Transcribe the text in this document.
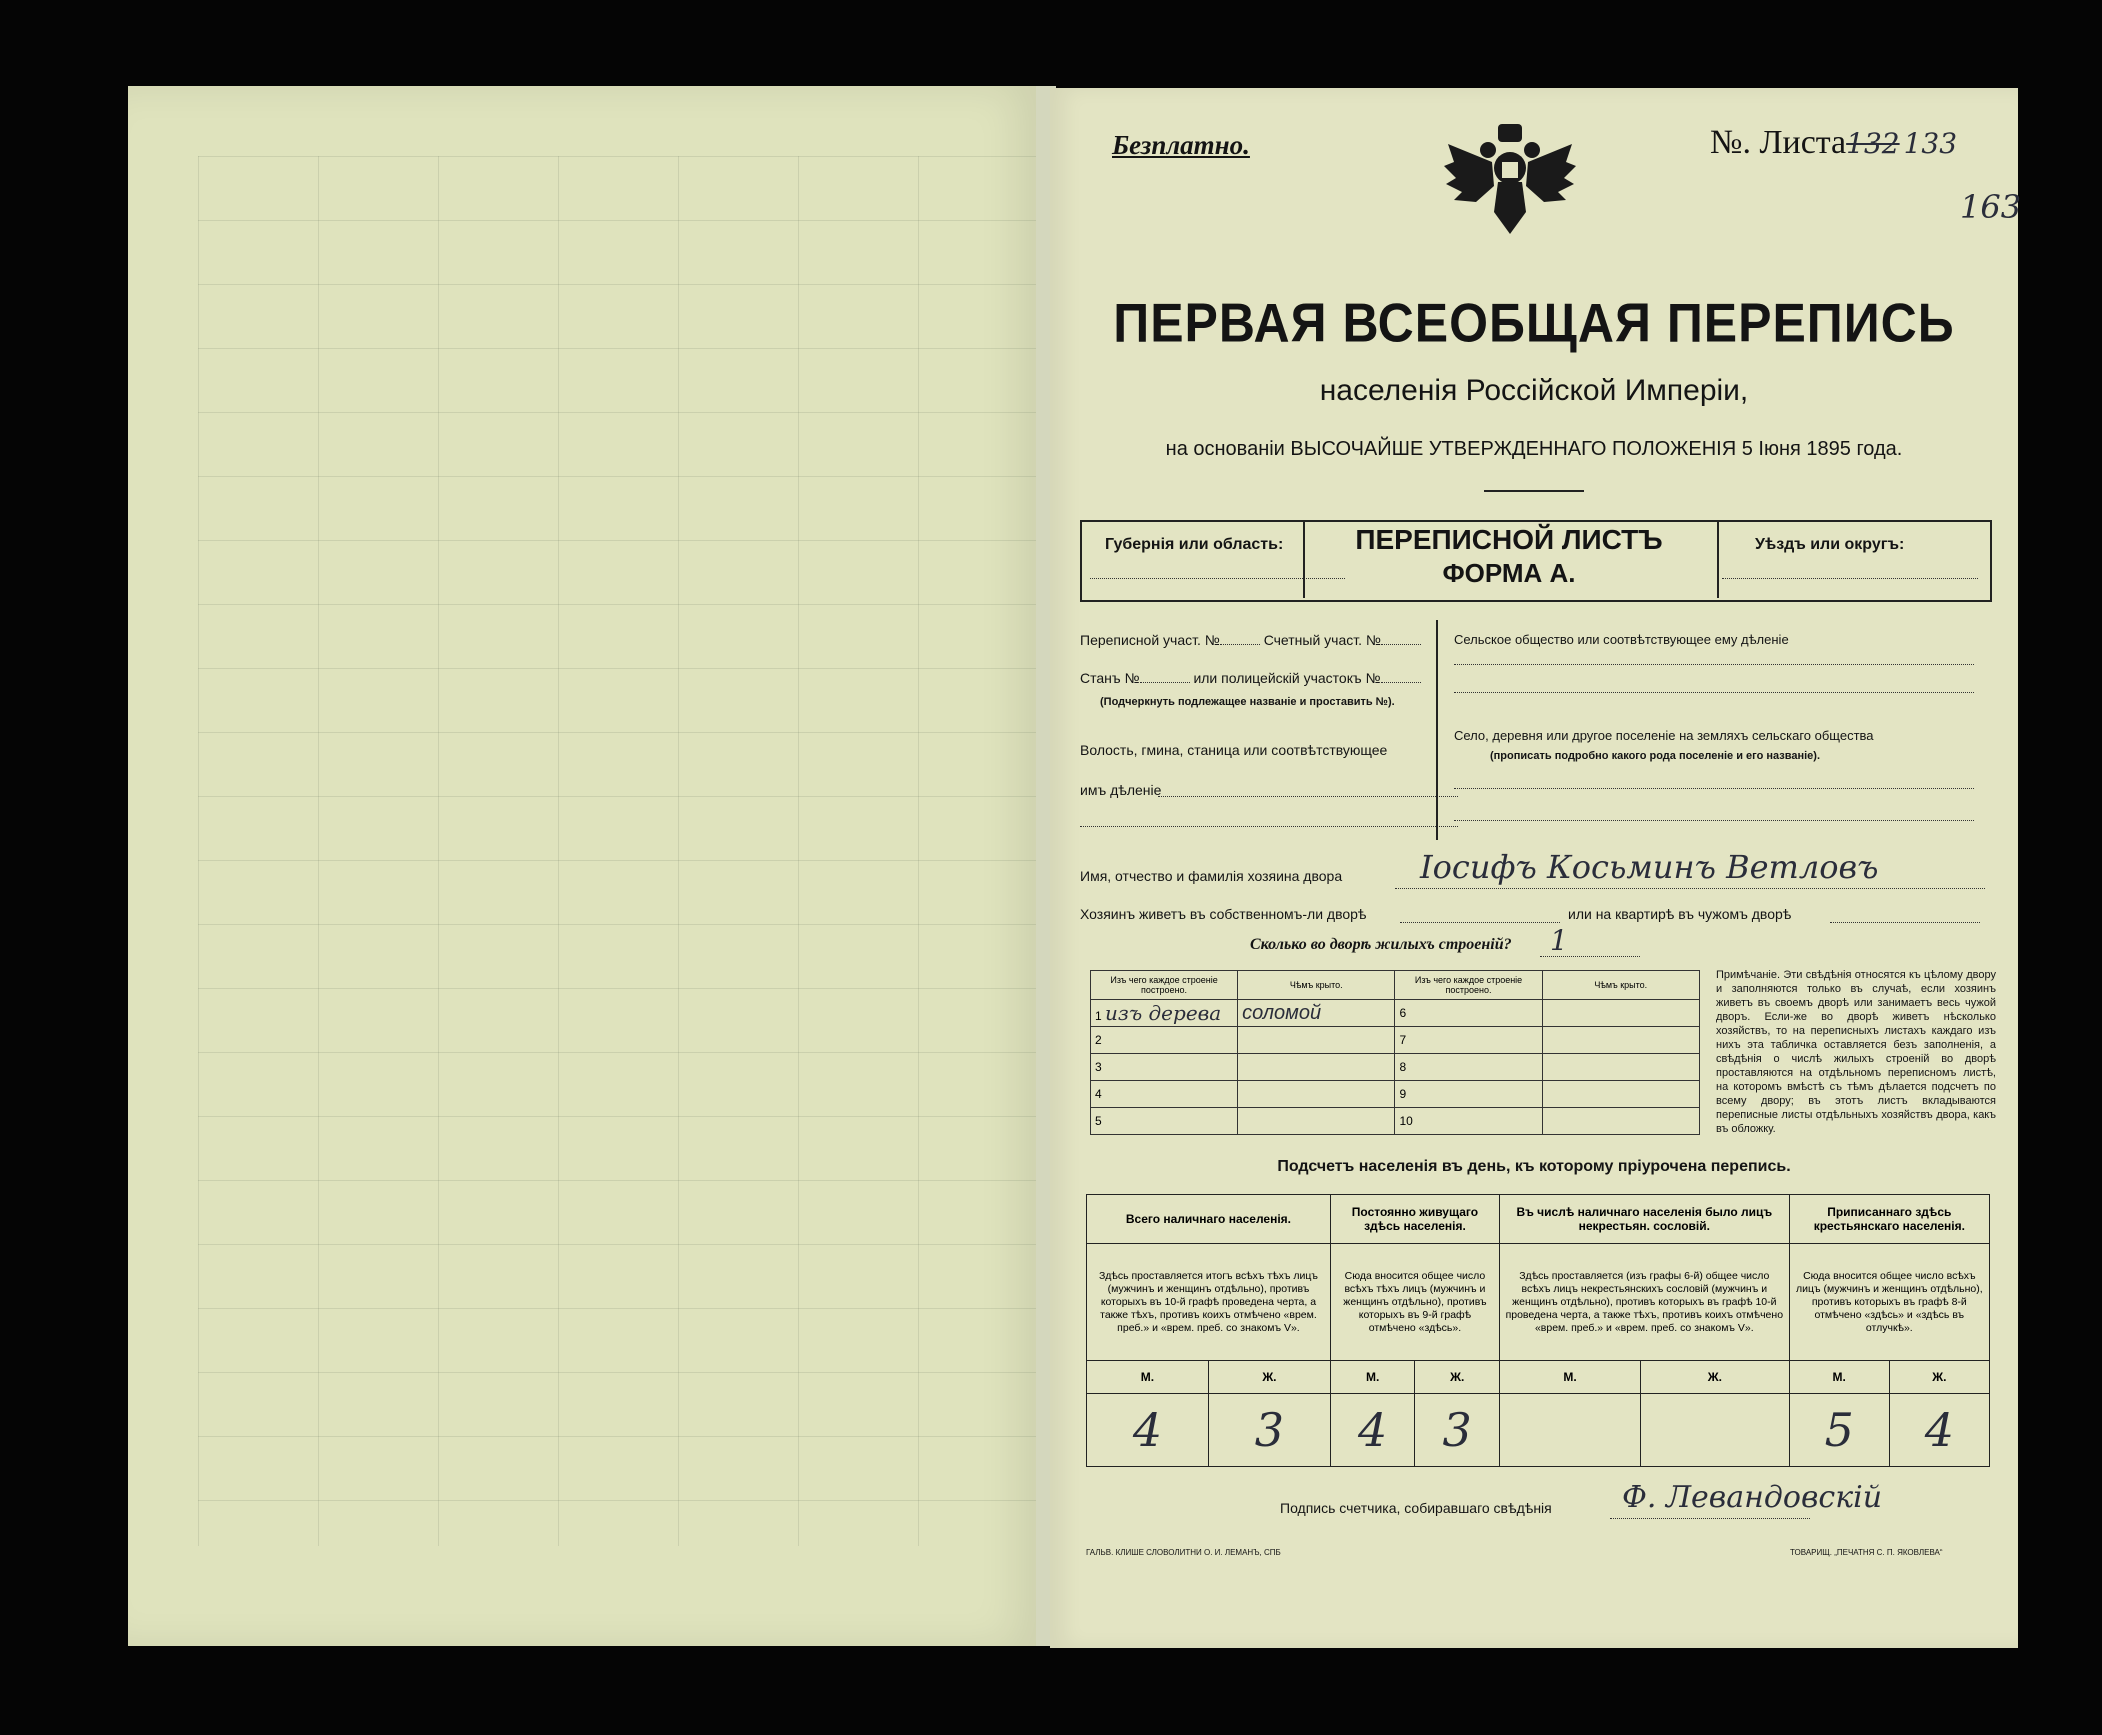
Безплатно.	№. Листа132 133
163
ПЕРВАЯ ВСЕОБЩАЯ ПЕРЕПИСЬ
населенія Россійской Имперіи,
на основаніи ВЫСОЧАЙШЕ УТВЕРЖДЕННАГО ПОЛОЖЕНІЯ 5 Іюня 1895 года.
Губернія или область:	ПЕРЕПИСНОЙ ЛИСТЪ
ФОРМА А.
Уѣздъ или округъ:
Переписной участ. №	Счетный участ. №
Станъ №	или полицейскій участокъ №
(Подчеркнуть подлежащее названіе и проставить №).
Волость, гмина, станица или соотвѣтствующее
имъ дѣленіе
Сельское общество или соотвѣтствующее ему дѣленіе
Село, деревня или другое поселеніе на земляхъ сельскаго общества
(прописать подробно какого рода поселеніе и его названіе).
Имя, отчество и фамилія хозяина двора Іосифъ Косьминъ Ветловъ
Хозяинъ живетъ въ собственномъ-ли дворѣ	или на квартирѣ въ чужомъ дворѣ
Сколько во дворѣ жилыхъ строеній? 1
Изъ чего каждое строеніе построено.	Чѣмъ крыто.	Изъ чего каждое строеніе построено.	Чѣмъ крыто.
1 изъ дерева	соломой	6	
2		7	
3		8	
4		9	
5		10	
Примѣчаніе. Эти свѣдѣнія относятся къ цѣлому двору и заполняются только въ случаѣ, если хозяинъ живетъ въ своемъ дворѣ или занимаетъ весь чужой дворъ. Если-же во дворѣ живетъ нѣсколько хозяйствъ, то на переписныхъ листахъ каждаго изъ нихъ эта табличка оставляется безъ заполненія, а свѣдѣнія о числѣ жилыхъ строеній во дворѣ проставляются на отдѣльномъ переписномъ листѣ, на которомъ вмѣстѣ съ тѣмъ дѣлается подсчетъ по всему двору; въ этотъ листъ вкладываются переписные листы отдѣльныхъ хозяйствъ двора, какъ въ обложку.
Подсчетъ населенія въ день, къ которому пріурочена перепись.
Всего наличнаго населенія.		Постоянно живущаго здѣсь населенія.		Въ числѣ наличнаго населенія было лицъ некрестьян. сословій.		Приписаннаго здѣсь крестьянскаго населенія.	
Здѣсь проставляется итогъ всѣхъ тѣхъ лицъ (мужчинъ и женщинъ отдѣльно), противъ которыхъ въ 10-й графѣ проведена черта, а также тѣхъ, противъ коихъ отмѣчено «врем. преб.» и «врем. преб. со знакомъ V».		Сюда вносится общее число всѣхъ тѣхъ лицъ (мужчинъ и женщинъ отдѣльно), противъ которыхъ въ 9-й графѣ отмѣчено «здѣсь».		Здѣсь проставляется (изъ графы 6-й) общее число всѣхъ лицъ некрестьянскихъ сословій (мужчинъ и женщинъ отдѣльно), противъ которыхъ въ графѣ 10-й проведена черта, а также тѣхъ, противъ коихъ отмѣчено «врем. преб.» и «врем. преб. со знакомъ V».		Сюда вносится общее число всѣхъ лицъ (мужчинъ и женщинъ отдѣльно), противъ которыхъ въ графѣ 8-й отмѣчено «здѣсь» и «здѣсь въ отлучкѣ».	
М.	Ж.	М.	Ж.	М.	Ж.	М.	Ж.
4	3	4	3			5	4
Подпись счетчика, собиравшаго свѣдѣнія Ф. Левандовскій
ГАЛЬВ. КЛИШЕ СЛОВОЛИТНИ О. И. ЛЕМАНЪ, СПБ	ТОВАРИЩ. „ПЕЧАТНЯ С. П. ЯКОВЛЕВА“
